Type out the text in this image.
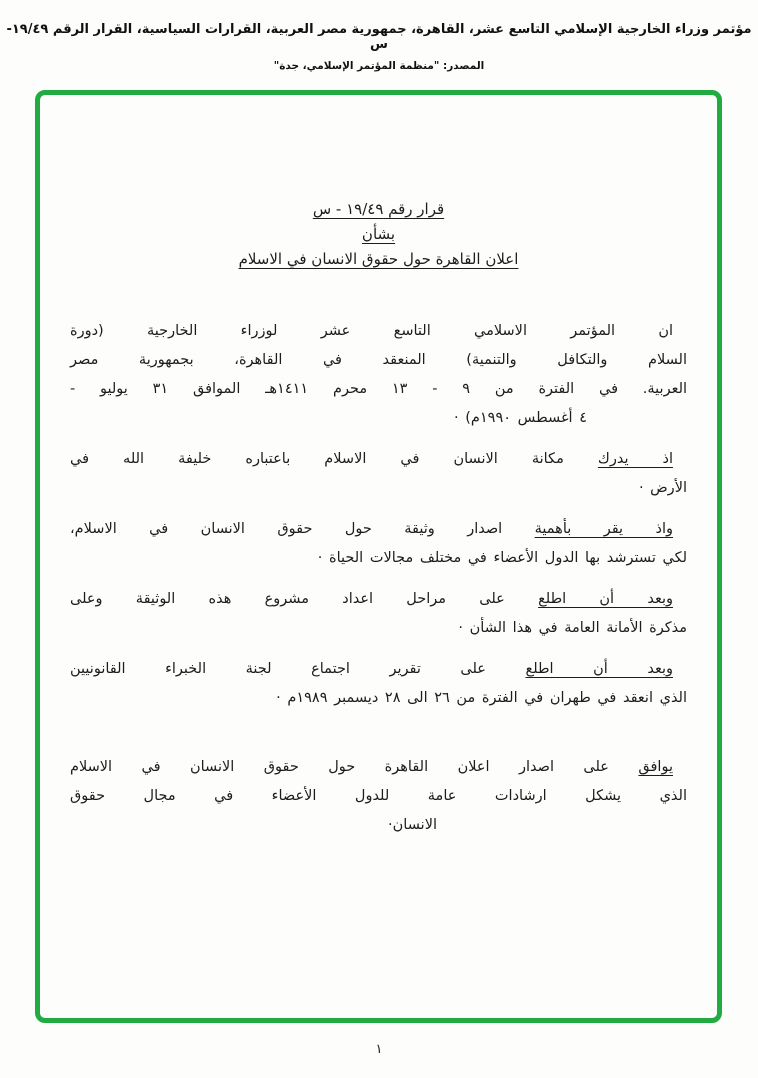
مؤتمر وزراء الخارجية الإسلامي التاسع عشر، القاهرة، جمهورية مصر العربية، القرارات السياسية، القرار الرقم ١٩/٤٩-س
المصدر: "منظمة المؤتمر الإسلامي، جدة"
قرار رقم ١٩/٤٩ - س
بشأن
اعلان القاهرة حول حقوق الانسان في الاسلام
ان المؤتمر الاسلامي التاسع عشر لوزراء الخارجية (دورة
السلام والتكافل والتنمية) المنعقد في القاهرة، بجمهورية مصر
العربية. في الفترة من ٩ - ١٣ محرم ١٤١١هـ الموافق ٣١ يوليو -
٤ أغسطس ١٩٩٠م) ·
اذ يدرك مكانة الانسان في الاسلام باعتباره خليفة الله في
الأرض ·
واذ يقر بأهمية اصدار وثيقة حول حقوق الانسان في الاسلام،
لكي تسترشد بها الدول الأعضاء في مختلف مجالات الحياة ·
وبعد أن اطلع على مراحل اعداد مشروع هذه الوثيقة وعلى
مذكرة الأمانة العامة في هذا الشأن ·
وبعد أن اطلع على تقرير اجتماع لجنة الخبراء القانونيين
الذي انعقد في طهران في الفترة من ٢٦ الى ٢٨ ديسمبر ١٩٨٩م ·
يوافق على اصدار اعلان القاهرة حول حقوق الانسان في الاسلام
الذي يشكل ارشادات عامة للدول الأعضاء في مجال حقوق
الانسان·
١
